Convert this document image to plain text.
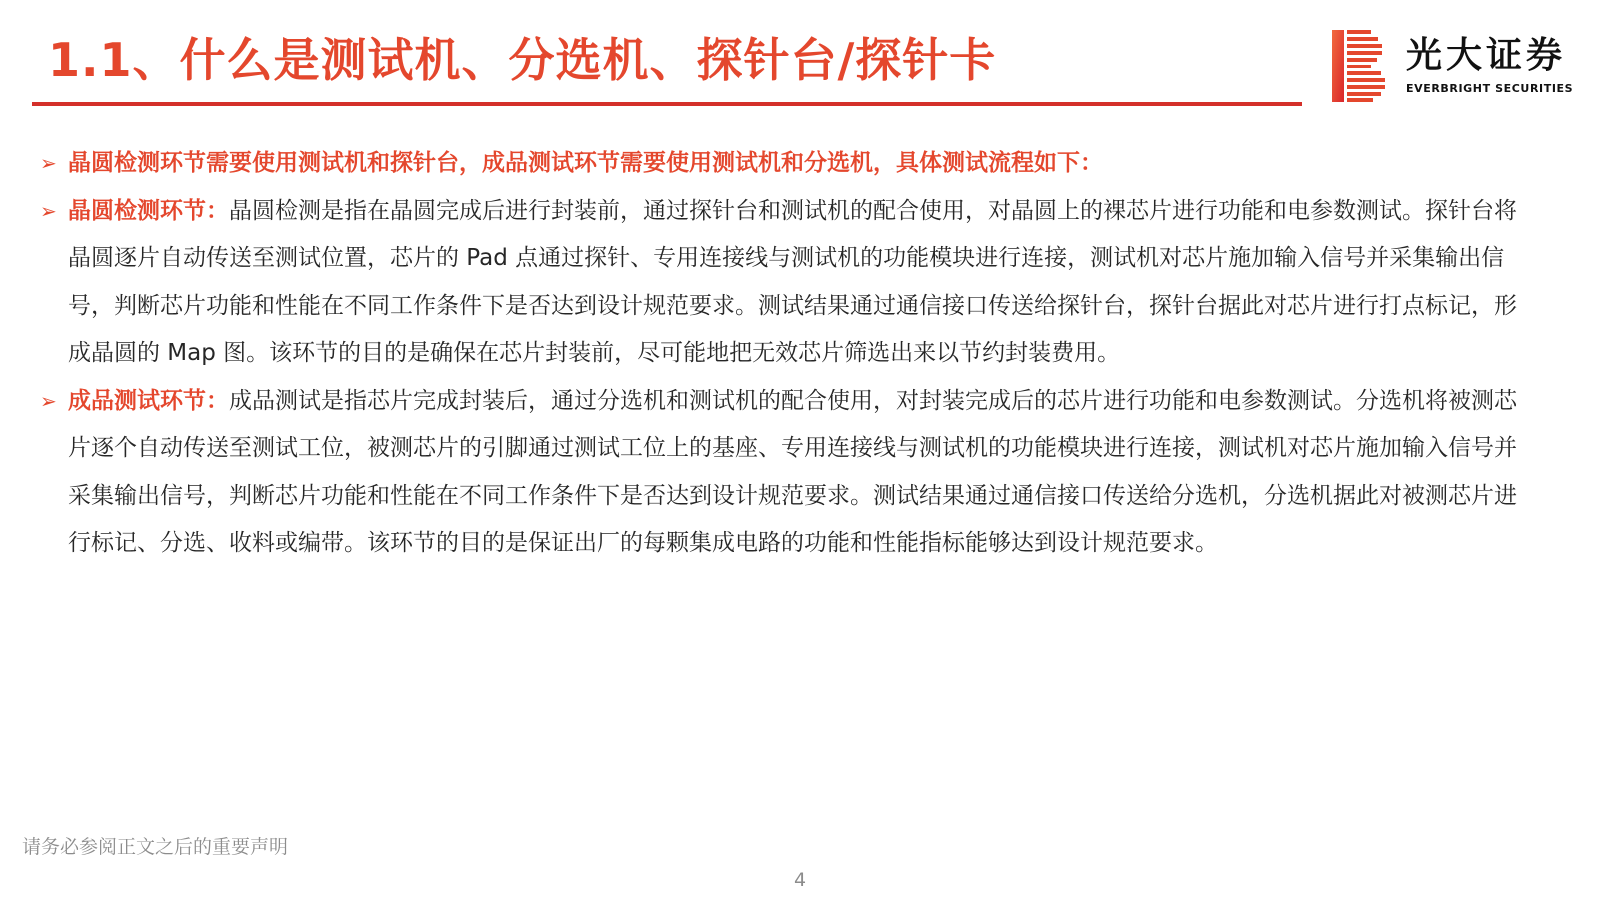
1.1、什么是测试机、分选机、探针台/探针卡	光大证券
EVERBRIGHT SECURITIES
➢ 晶圆检测环节需要使用测试机和探针台，成品测试环节需要使用测试机和分选机，具体测试流程如下：
➢ 晶圆检测环节：晶圆检测是指在晶圆完成后进行封装前，通过探针台和测试机的配合使用，对晶圆上的裸芯片进行功能和电参数测试。探针台将晶圆逐片自动传送至测试位置，芯片的 Pad 点通过探针、专用连接线与测试机的功能模块进行连接，测试机对芯片施加输入信号并采集输出信号，判断芯片功能和性能在不同工作条件下是否达到设计规范要求。测试结果通过通信接口传送给探针台，探针台据此对芯片进行打点标记，形成晶圆的 Map 图。该环节的目的是确保在芯片封装前，尽可能地把无效芯片筛选出来以节约封装费用。
➢ 成品测试环节：成品测试是指芯片完成封装后，通过分选机和测试机的配合使用，对封装完成后的芯片进行功能和电参数测试。分选机将被测芯片逐个自动传送至测试工位，被测芯片的引脚通过测试工位上的基座、专用连接线与测试机的功能模块进行连接，测试机对芯片施加输入信号并采集输出信号，判断芯片功能和性能在不同工作条件下是否达到设计规范要求。测试结果通过通信接口传送给分选机，分选机据此对被测芯片进行标记、分选、收料或编带。该环节的目的是保证出厂的每颗集成电路的功能和性能指标能够达到设计规范要求。
请务必参阅正文之后的重要声明
4
